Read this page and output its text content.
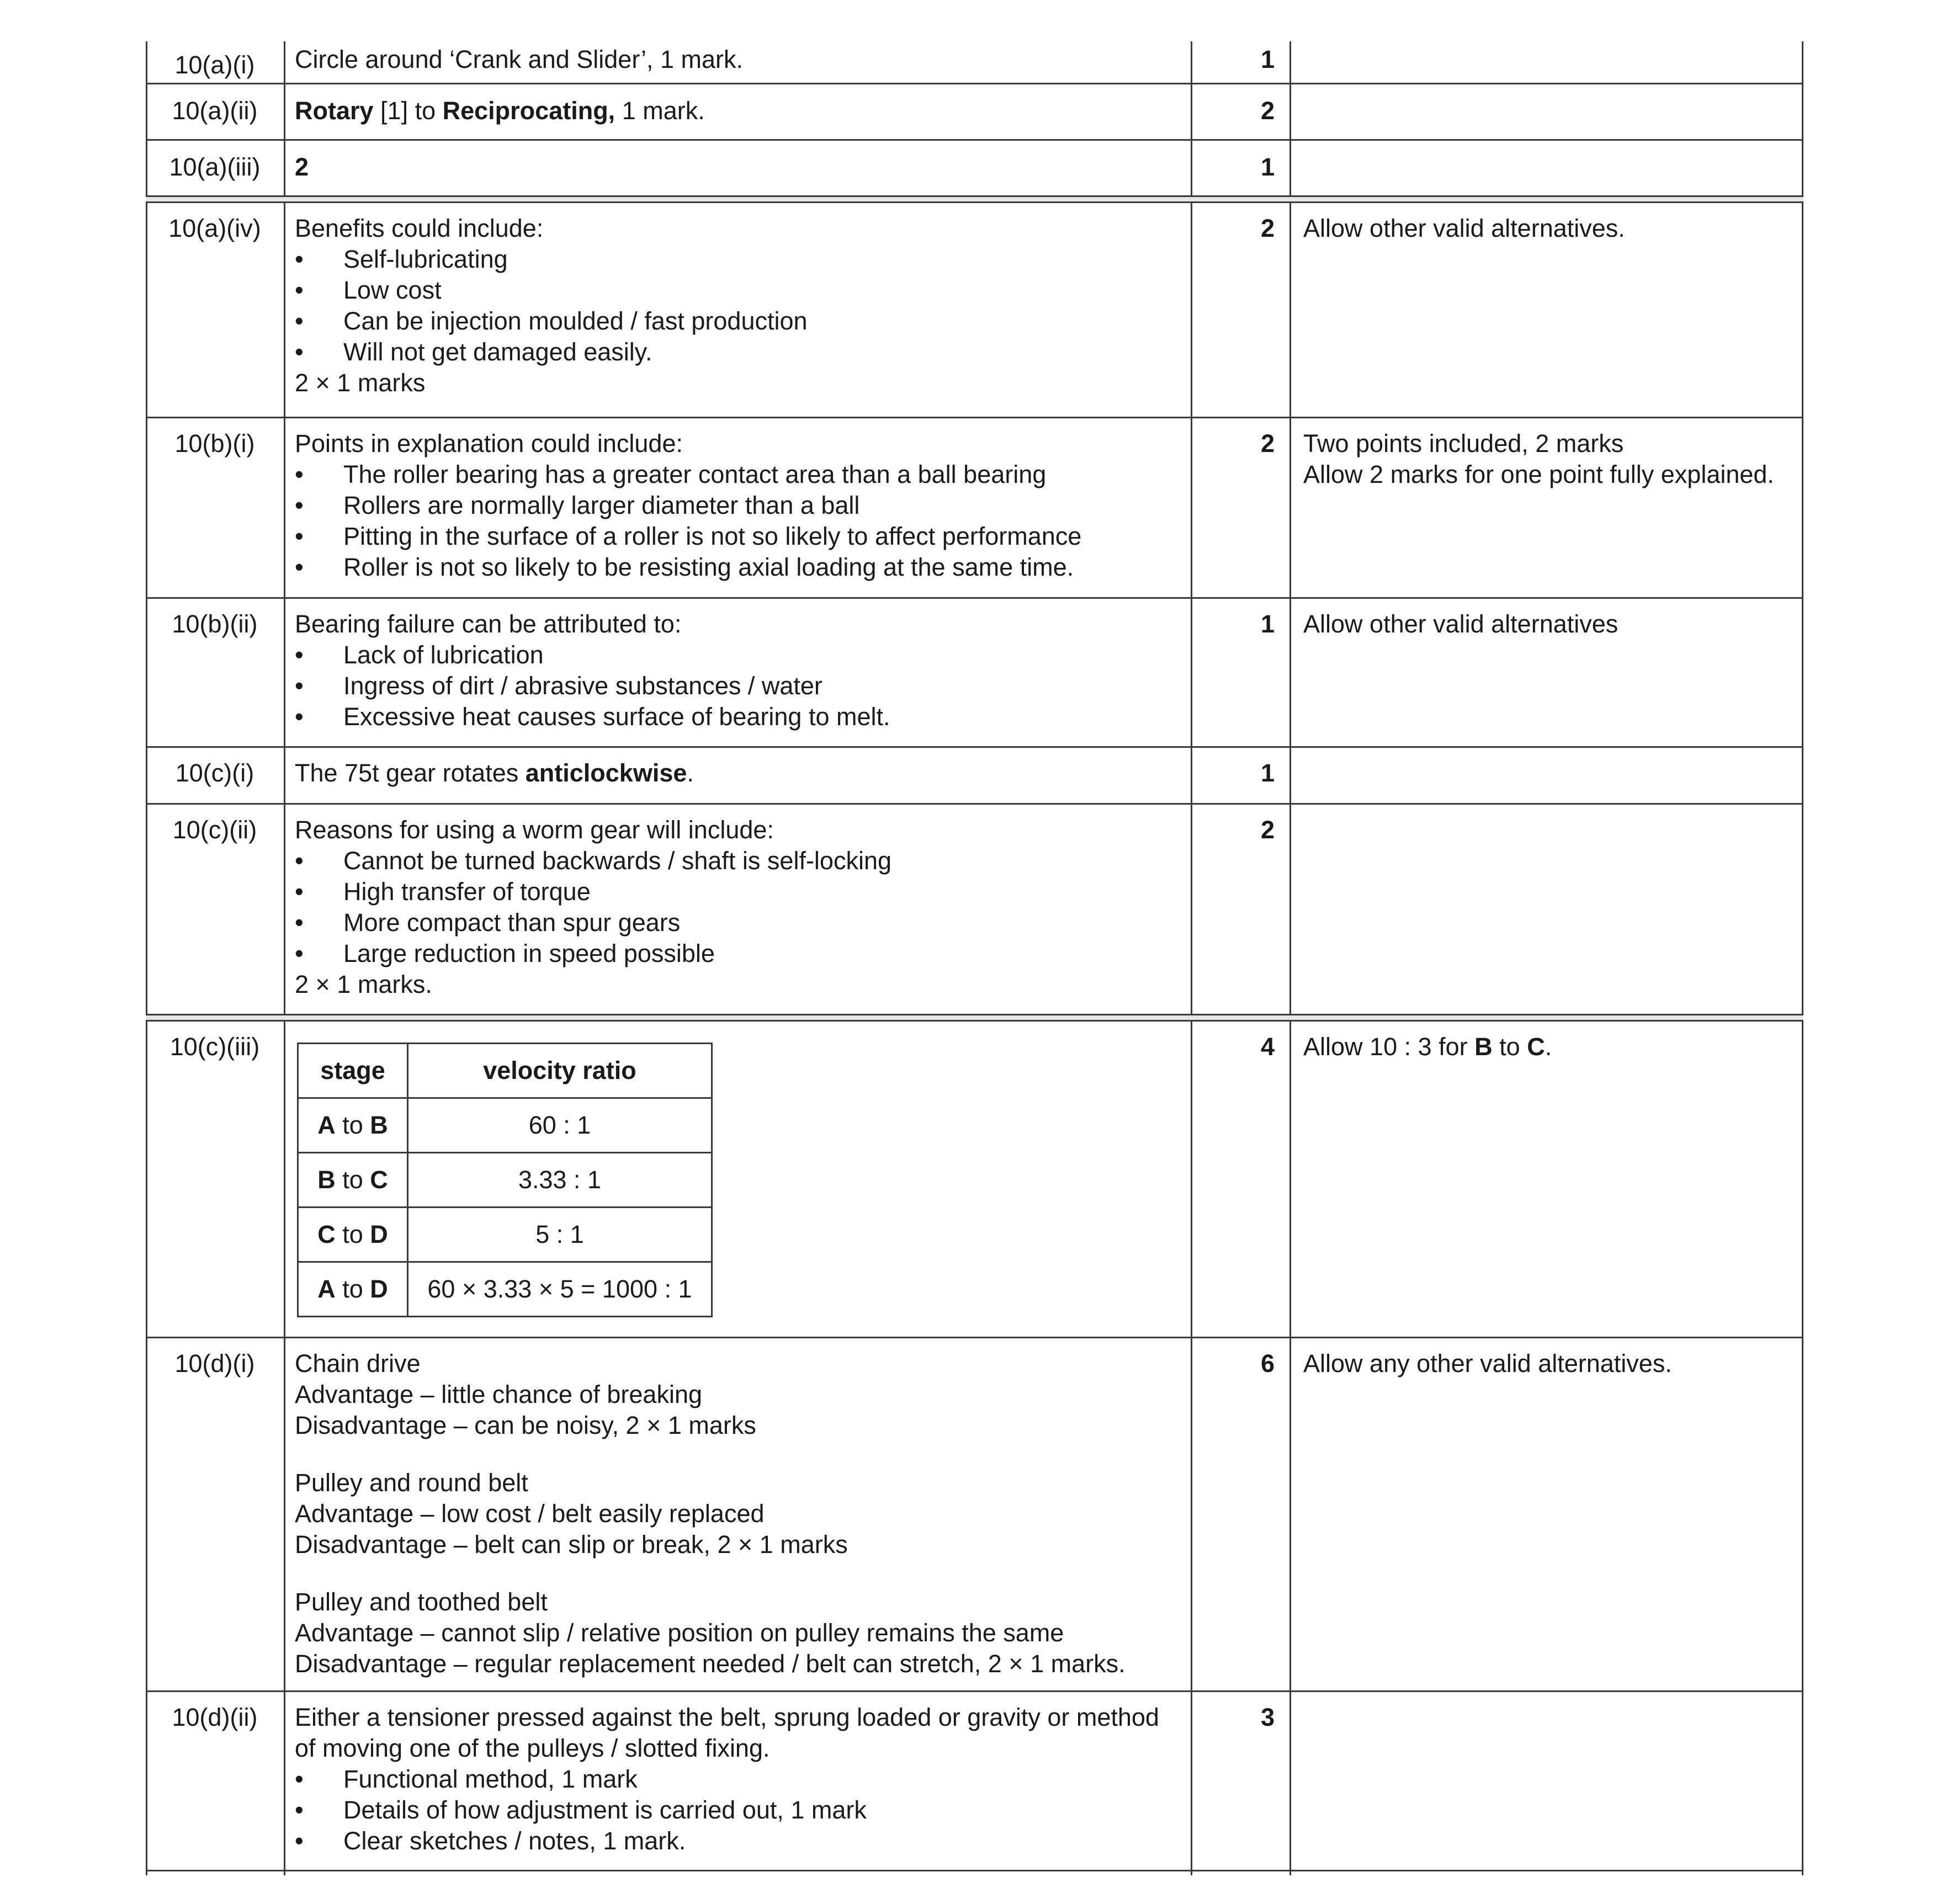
10(a)(i)	Circle around ‘Crank and Slider’, 1 mark.	1
10(a)(ii)	Rotary [1] to Reciprocating, 1 mark.	2
10(a)(iii)	2	1
10(a)(iv)	Benefits could include:
• Self-lubricating
• Low cost
• Can be injection moulded / fast production
• Will not get damaged easily.
2 × 1 marks
2	Allow other valid alternatives.
10(b)(i)	Points in explanation could include:
• The roller bearing has a greater contact area than a ball bearing
• Rollers are normally larger diameter than a ball
• Pitting in the surface of a roller is not so likely to affect performance
• Roller is not so likely to be resisting axial loading at the same time.
2	Two points included, 2 marks
Allow 2 marks for one point fully explained.
10(b)(ii)	Bearing failure can be attributed to:
• Lack of lubrication
• Ingress of dirt / abrasive substances / water
• Excessive heat causes surface of bearing to melt.
1	Allow other valid alternatives
10(c)(i)	The 75t gear rotates anticlockwise.	1
10(c)(ii)	Reasons for using a worm gear will include:
• Cannot be turned backwards / shaft is self-locking
• High transfer of torque
• More compact than spur gears
• Large reduction in speed possible
2 × 1 marks.
2
10(c)(iii)
stage	velocity ratio
A to B	60 : 1
B to C	3.33 : 1
C to D	5 : 1
A to D	60 × 3.33 × 5 = 1000 : 1
4	Allow 10 : 3 for B to C.
10(d)(i)	Chain drive
Advantage – little chance of breaking
Disadvantage – can be noisy, 2 × 1 marks
Pulley and round belt
Advantage – low cost / belt easily replaced
Disadvantage – belt can slip or break, 2 × 1 marks
Pulley and toothed belt
Advantage – cannot slip / relative position on pulley remains the same
Disadvantage – regular replacement needed / belt can stretch, 2 × 1 marks.
6	Allow any other valid alternatives.
10(d)(ii)	Either a tensioner pressed against the belt, sprung loaded or gravity or method
of moving one of the pulleys / slotted fixing.
• Functional method, 1 mark
• Details of how adjustment is carried out, 1 mark
• Clear sketches / notes, 1 mark.
3
